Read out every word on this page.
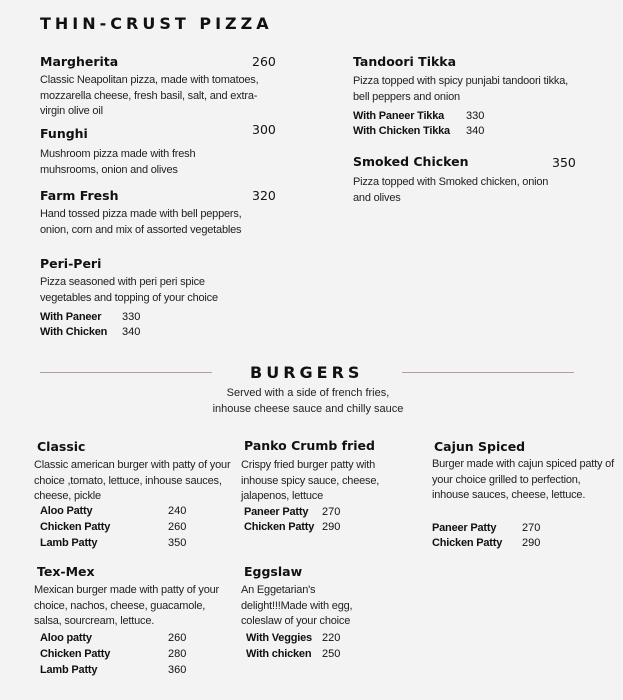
THIN-CRUST PIZZA
Margherita	260
Classic Neapolitan pizza, made with tomatoes, mozzarella cheese, fresh basil, salt, and extra-virgin olive oil
Funghi	300
Mushroom pizza made with fresh muhsrooms, onion and olives
Farm Fresh	320
Hand tossed pizza made with bell peppers, onion, corn and mix of assorted vegetables
Peri-Peri
Pizza seasoned with peri peri spice vegetables and topping of your choice
With Paneer 330
With Chicken 340
Tandoori Tikka
Pizza topped with spicy punjabi tandoori tikka, bell peppers and onion
With Paneer Tikka 330
With Chicken Tikka 340
Smoked Chicken	350
Pizza topped with Smoked chicken, onion and olives
BURGERS
Served with a side of french fries,
inhouse cheese sauce and chilly sauce
Classic
Classic american burger with patty of your choice ,tomato, lettuce, inhouse sauces, cheese, pickle
Aloo Patty	240
Chicken Patty	260
Lamb Patty	350
Panko Crumb fried
Crispy fried burger patty with inhouse spicy sauce, cheese, jalapenos, lettuce
Paneer Patty 270
Chicken Patty 290
Cajun Spiced
Burger made with cajun spiced patty of your choice grilled to perfection, inhouse sauces, cheese, lettuce.
Paneer Patty 270
Chicken Patty 290
Tex-Mex
Mexican burger made with patty of your choice, nachos, cheese, guacamole, salsa, sourcream, lettuce.
Aloo patty	260
Chicken Patty	280
Lamb Patty	360
Eggslaw
An Eggetarian's delight!!!Made with egg, coleslaw of your choice
With Veggies 220
With chicken 250
